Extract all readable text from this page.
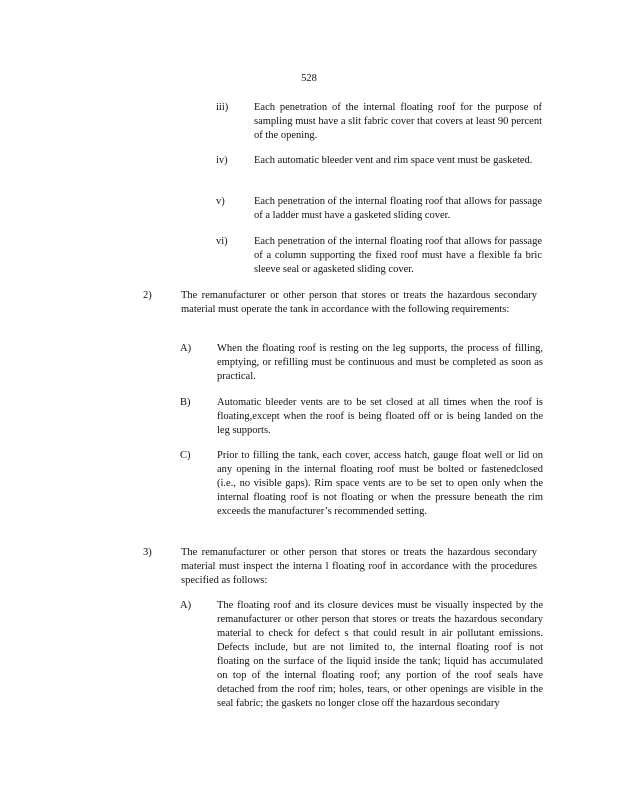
528
iii) Each penetration of the internal floating roof for the purpose of sampling must have a slit fabric cover that covers at least 90 percent of the opening.
iv)	Each automatic bleeder vent and rim space vent must be gasketed.
v)	Each penetration of the internal floating roof that allows for passage of a ladder must have a gasketed sliding cover.
vi)	Each penetration of the internal floating roof that allows for passage of a column supporting the fixed roof must have a flexible fa bric sleeve seal or agasketed sliding cover.
2)	The remanufacturer or other person that stores or treats the hazardous secondary material must operate the tank in accordance with the following requirements:
A) When the floating roof is resting on the leg supports, the process of filling, emptying, or refilling must be continuous and must be completed as soon as practical.
B)	Automatic bleeder vents are to be set closed at all times when the roof is floating,except when the roof is being floated off or is being landed on the leg supports.
C)	Prior to filling the tank, each cover, access hatch, gauge float well or lid on any opening in the internal floating roof must be bolted or fastenedclosed (i.e., no visible gaps). Rim space vents are to be set to open only when the internal floating roof is not floating or when the pressure beneath the rim exceeds the manufacturer’s recommended setting.
3)	The remanufacturer or other person that stores or treats the hazardous secondary material must inspect the interna l floating roof in accordance with the procedures specified as follows:
A) The floating roof and its closure devices must be visually inspected by the remanufacturer or other person that stores or treats the hazardous secondary material to check for defect s that could result in air pollutant emissions. Defects include, but are not limited to, the internal floating roof is not floating on the surface of the liquid inside the tank; liquid has accumulated on top of the internal floating roof; any portion of the roof seals have detached from the roof rim; holes, tears, or other openings are visible in the seal fabric; the gaskets no longer close off the hazardous secondary
